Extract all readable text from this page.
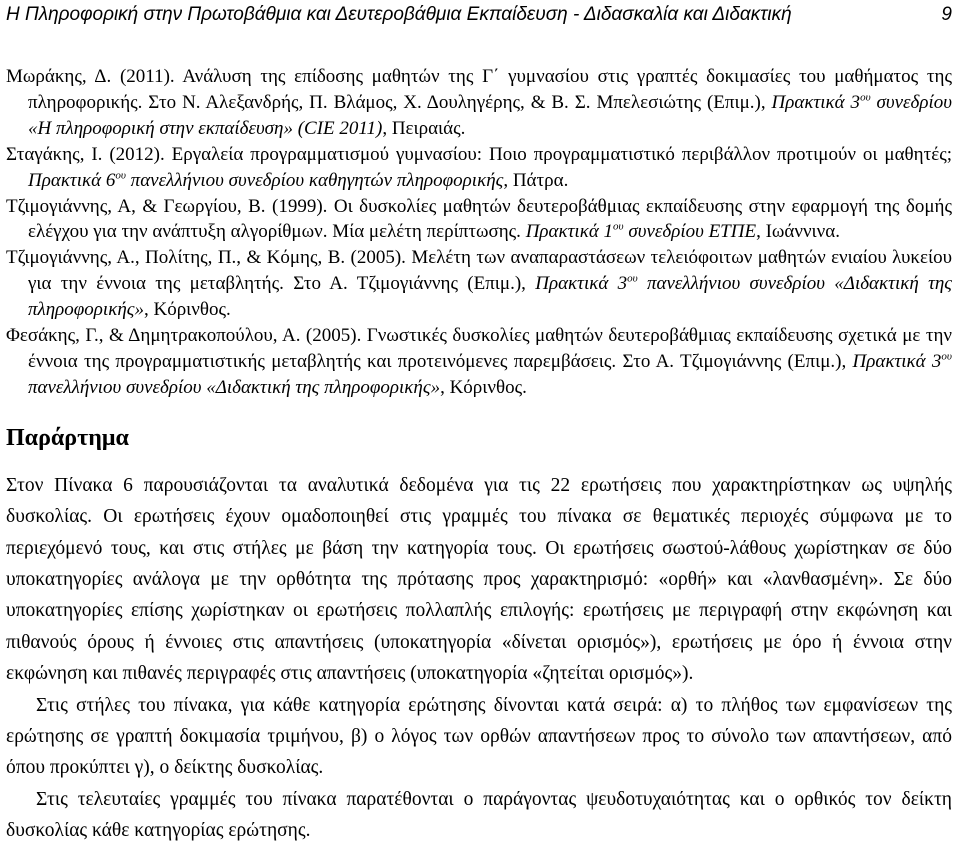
Η Πληροφορική στην Πρωτοβάθμια και Δευτεροβάθμια Εκπαίδευση - Διδασκαλία και Διδακτική	9

Μωράκης, Δ. (2011). Ανάλυση της επίδοσης μαθητών της Γ΄ γυμνασίου στις γραπτές δοκιμασίες του μαθήματος της πληροφορικής. Στο Ν. Αλεξανδρής, Π. Βλάμος, Χ. Δουληγέρης, & Β. Σ. Μπελεσιώτης (Επιμ.), Πρακτικά $3^{o\upsilon}$ συνεδρίου «Η πληροφορική στην εκπαίδευση» (CIE 2011), Πειραιάς.

Σταγάκης, Ι. (2012). Εργαλεία προγραμματισμού γυμνασίου: Ποιο προγραμματιστικό περιβάλλον προτιμούν οι μαθητές; Πρακτικά $6^{o\upsilon}$ πανελλήνιου συνεδρίου καθηγητών πληροφορικής, Πάτρα.

Τζιμογιάννης, Α, & Γεωργίου, Β. (1999). Οι δυσκολίες μαθητών δευτεροβάθμιας εκπαίδευσης στην εφαρμογή της δομής ελέγχου για την ανάπτυξη αλγορίθμων. Μία μελέτη περίπτωσης. Πρακτικά $1^{o\upsilon}$ συνεδρίου ΕΤΠΕ, Ιωάννινα.

Τζιμογιάννης, Α., Πολίτης, Π., & Κόμης, Β. (2005). Μελέτη των αναπαραστάσεων τελειόφοιτων μαθητών ενιαίου λυκείου για την έννοια της μεταβλητής. Στο Α. Τζιμογιάννης (Επιμ.), Πρακτικά $3^{o\upsilon}$ πανελλήνιου συνεδρίου «Διδακτική της πληροφορικής», Κόρινθος.

Φεσάκης, Γ., & Δημητρακοπούλου, Α. (2005). Γνωστικές δυσκολίες μαθητών δευτεροβάθμιας εκπαίδευσης σχετικά με την έννοια της προγραμματιστικής μεταβλητής και προτεινόμενες παρεμβάσεις. Στο Α. Τζιμογιάννης (Επιμ.), Πρακτικά $3^{o\upsilon}$ πανελλήνιου συνεδρίου «Διδακτική της πληροφορικής», Κόρινθος.

Παράρτημα

Στον Πίνακα 6 παρουσιάζονται τα αναλυτικά δεδομένα για τις 22 ερωτήσεις που χαρακτηρίστηκαν ως υψηλής δυσκολίας. Οι ερωτήσεις έχουν ομαδοποιηθεί στις γραμμές του πίνακα σε θεματικές περιοχές σύμφωνα με το περιεχόμενό τους, και στις στήλες με βάση την κατηγορία τους. Οι ερωτήσεις σωστού-λάθους χωρίστηκαν σε δύο υποκατηγορίες ανάλογα με την ορθότητα της πρότασης προς χαρακτηρισμό: «ορθή» και «λανθασμένη». Σε δύο υποκατηγορίες επίσης χωρίστηκαν οι ερωτήσεις πολλαπλής επιλογής: ερωτήσεις με περιγραφή στην εκφώνηση και πιθανούς όρους ή έννοιες στις απαντήσεις (υποκατηγορία «δίνεται ορισμός»), ερωτήσεις με όρο ή έννοια στην εκφώνηση και πιθανές περιγραφές στις απαντήσεις (υποκατηγορία «ζητείται ορισμός»).

Στις στήλες του πίνακα, για κάθε κατηγορία ερώτησης δίνονται κατά σειρά: α) το πλήθος των εμφανίσεων της ερώτησης σε γραπτή δοκιμασία τριμήνου, β) ο λόγος των ορθών απαντήσεων προς το σύνολο των απαντήσεων, από όπου προκύπτει γ), ο δείκτης δυσκολίας.

Στις τελευταίες γραμμές του πίνακα παρατέθονται ο παράγοντας ψευδοτυχαιότητας και ο ορθικός τον δείκτη δυσκολίας κάθε κατηγορίας ερώτησης.
